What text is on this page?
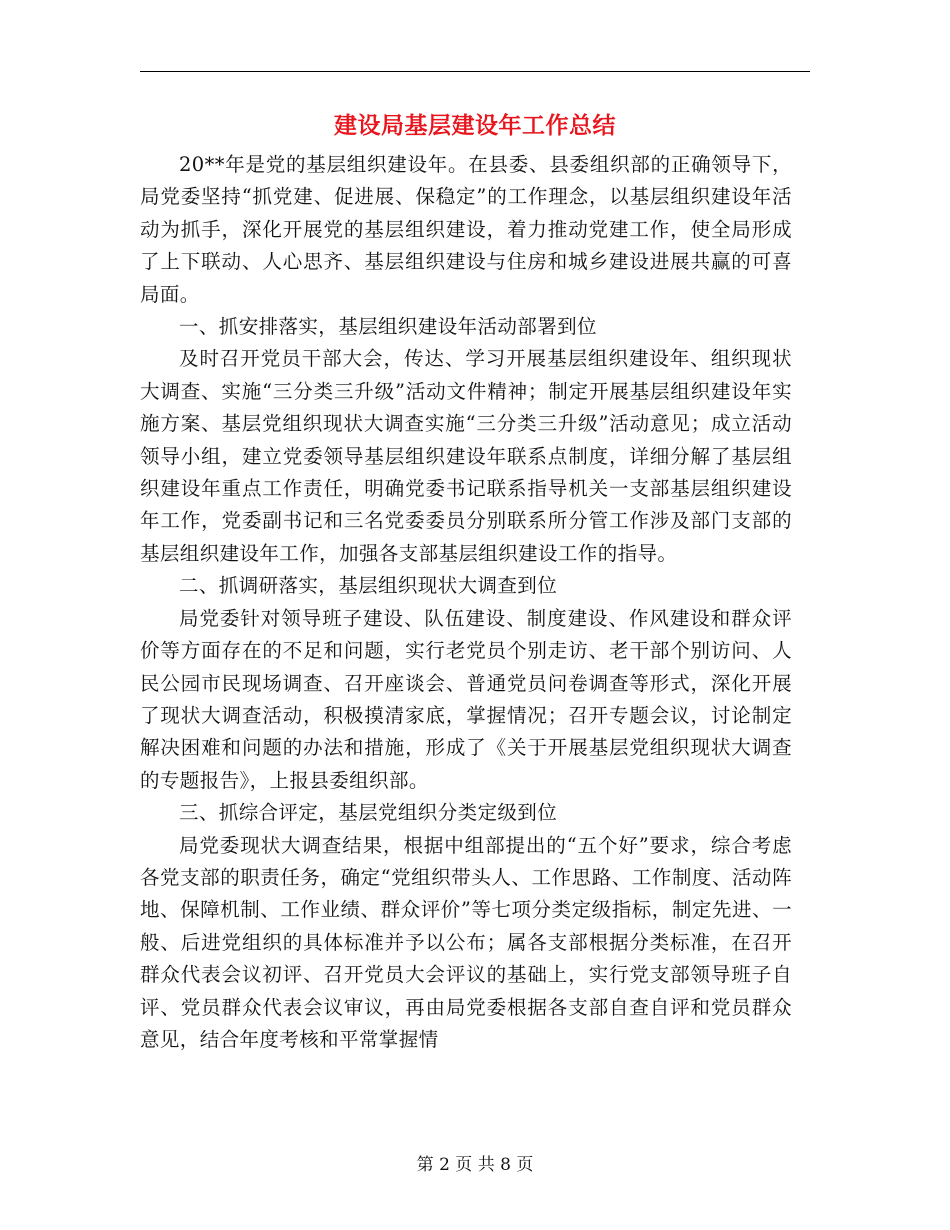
建设局基层建设年工作总结

20**年是党的基层组织建设年。在县委、县委组织部的正确领导下，局党委坚持“抓党建、促进展、保稳定”的工作理念，以基层组织建设年活动为抓手，深化开展党的基层组织建设，着力推动党建工作，使全局形成了上下联动、人心思齐、基层组织建设与住房和城乡建设进展共赢的可喜局面。

一、抓安排落实，基层组织建设年活动部署到位

及时召开党员干部大会，传达、学习开展基层组织建设年、组织现状大调查、实施“三分类三升级”活动文件精神；制定开展基层组织建设年实施方案、基层党组织现状大调查实施“三分类三升级”活动意见；成立活动领导小组，建立党委领导基层组织建设年联系点制度，详细分解了基层组织建设年重点工作责任，明确党委书记联系指导机关一支部基层组织建设年工作，党委副书记和三名党委委员分别联系所分管工作涉及部门支部的基层组织建设年工作，加强各支部基层组织建设工作的指导。

二、抓调研落实，基层组织现状大调查到位

局党委针对领导班子建设、队伍建设、制度建设、作风建设和群众评价等方面存在的不足和问题，实行老党员个别走访、老干部个别访问、人民公园市民现场调查、召开座谈会、普通党员问卷调查等形式，深化开展了现状大调查活动，积极摸清家底，掌握情况；召开专题会议，讨论制定解决困难和问题的办法和措施，形成了《关于开展基层党组织现状大调查的专题报告》，上报县委组织部。

三、抓综合评定，基层党组织分类定级到位

局党委现状大调查结果，根据中组部提出的“五个好”要求，综合考虑各党支部的职责任务，确定“党组织带头人、工作思路、工作制度、活动阵地、保障机制、工作业绩、群众评价”等七项分类定级指标，制定先进、一般、后进党组织的具体标准并予以公布；属各支部根据分类标准，在召开群众代表会议初评、召开党员大会评议的基础上，实行党支部领导班子自评、党员群众代表会议审议，再由局党委根据各支部自查自评和党员群众意见，结合年度考核和平常掌握情

第 2 页 共 8 页
